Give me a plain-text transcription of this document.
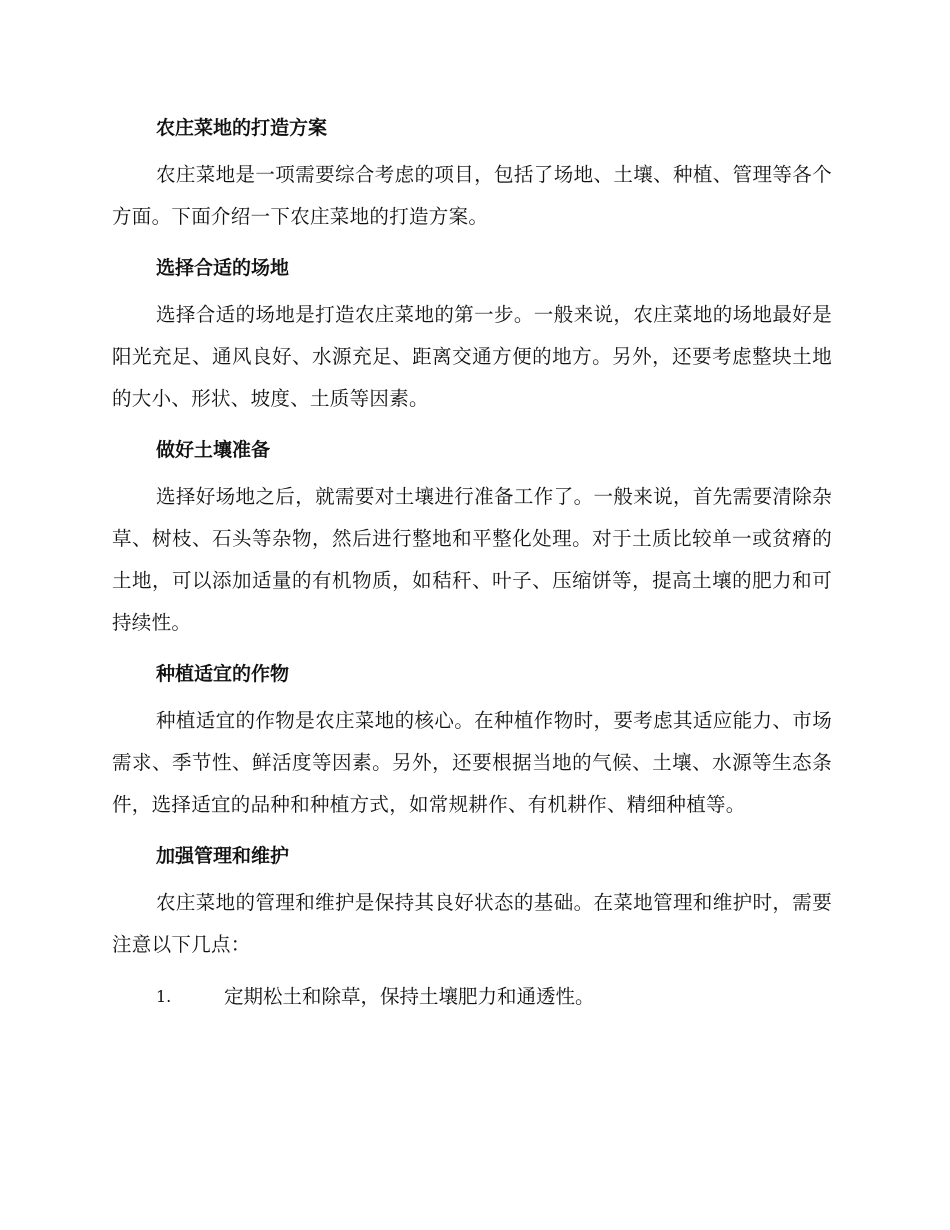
农庄菜地的打造方案

农庄菜地是一项需要综合考虑的项目，包括了场地、土壤、种植、管理等各个方面。下面介绍一下农庄菜地的打造方案。

选择合适的场地

选择合适的场地是打造农庄菜地的第一步。一般来说，农庄菜地的场地最好是阳光充足、通风良好、水源充足、距离交通方便的地方。另外，还要考虑整块土地的大小、形状、坡度、土质等因素。

做好土壤准备

选择好场地之后，就需要对土壤进行准备工作了。一般来说，首先需要清除杂草、树枝、石头等杂物，然后进行整地和平整化处理。对于土质比较单一或贫瘠的土地，可以添加适量的有机物质，如秸秆、叶子、压缩饼等，提高土壤的肥力和可持续性。

种植适宜的作物

种植适宜的作物是农庄菜地的核心。在种植作物时，要考虑其适应能力、市场需求、季节性、鲜活度等因素。另外，还要根据当地的气候、土壤、水源等生态条件，选择适宜的品种和种植方式，如常规耕作、有机耕作、精细种植等。

加强管理和维护

农庄菜地的管理和维护是保持其良好状态的基础。在菜地管理和维护时，需要注意以下几点：

1.	定期松土和除草，保持土壤肥力和通透性。
